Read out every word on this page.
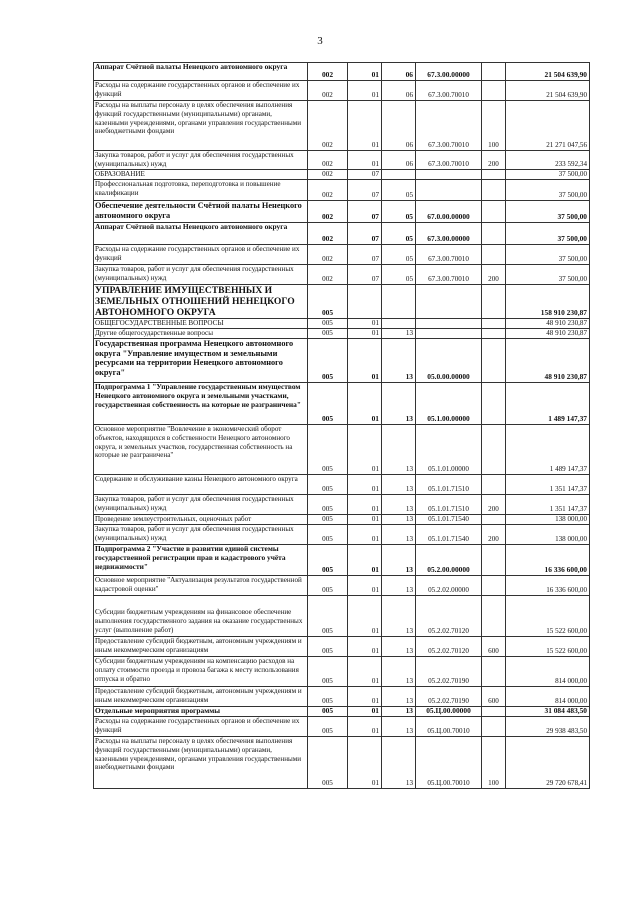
3
Аппарат Счётной палаты Ненецкого автономного округа	002	01	06	67.3.00.00000		21 504 639,90
Расходы на содержание государственных органов и обеспечение их функций	002	01	06	67.3.00.70010		21 504 639,90
Расходы на выплаты персоналу в целях обеспечения выполнения функций государственными (муниципальными) органами, казенными учреждениями, органами управления государственными внебюджетными фондами	002	01	06	67.3.00.70010	100	21 271 047,56
Закупка товаров, работ и услуг для обеспечения государственных (муниципальных) нужд	002	01	06	67.3.00.70010	200	233 592,34
ОБРАЗОВАНИЕ	002	07				37 500,00
Профессиональная подготовка, переподготовка и повышение квалификации	002	07	05			37 500,00
Обеспечение деятельности Счётной палаты Ненецкого автономного округа	002	07	05	67.0.00.00000		37 500,00
Аппарат Счётной палаты Ненецкого автономного округа	002	07	05	67.3.00.00000		37 500,00
Расходы на содержание государственных органов и обеспечение их функций	002	07	05	67.3.00.70010		37 500,00
Закупка товаров, работ и услуг для обеспечения государственных (муниципальных) нужд	002	07	05	67.3.00.70010	200	37 500,00
УПРАВЛЕНИЕ ИМУЩЕСТВЕННЫХ И ЗЕМЕЛЬНЫХ ОТНОШЕНИЙ НЕНЕЦКОГО АВТОНОМНОГО ОКРУГА	005					158 910 230,87
ОБЩЕГОСУДАРСТВЕННЫЕ ВОПРОСЫ	005	01				48 910 230,87
Другие общегосударственные вопросы	005	01	13			48 910 230,87
Государственная программа Ненецкого автономного округа "Управление имуществом и земельными ресурсами на территории Ненецкого автономного округа"	005	01	13	05.0.00.00000		48 910 230,87
Подпрограмма 1 "Управление государственным имуществом Ненецкого автономного округа и земельными участками, государственная собственность на которые не разграничена"	005	01	13	05.1.00.00000		1 489 147,37
Основное мероприятие "Вовлечение в экономический оборот объектов, находящихся в собственности Ненецкого автономного округа, и земельных участков, государственная собственность на которые не разграничена"	005	01	13	05.1.01.00000		1 489 147,37
Содержание и обслуживание казны Ненецкого автономного округа	005	01	13	05.1.01.71510		1 351 147,37
Закупка товаров, работ и услуг для обеспечения государственных (муниципальных) нужд	005	01	13	05.1.01.71510	200	1 351 147,37
Проведение землеустроительных, оценочных работ	005	01	13	05.1.01.71540		138 000,00
Закупка товаров, работ и услуг для обеспечения государственных (муниципальных) нужд	005	01	13	05.1.01.71540	200	138 000,00
Подпрограмма 2 "Участие в развитии единой системы государственной регистрации прав и кадастрового учёта недвижимости"	005	01	13	05.2.00.00000		16 336 600,00
Основное мероприятие "Актуализация результатов государственной кадастровой оценки"	005	01	13	05.2.02.00000		16 336 600,00
Субсидии бюджетным учреждениям на финансовое обеспечение выполнения государственного задания на оказание государственных услуг (выполнение работ)	005	01	13	05.2.02.70120		15 522 600,00
Предоставление субсидий бюджетным, автономным учреждениям и иным некоммерческим организациям	005	01	13	05.2.02.70120	600	15 522 600,00
Субсидии бюджетным учреждениям на компенсацию расходов на оплату стоимости проезда и провоза багажа к месту использования отпуска и обратно	005	01	13	05.2.02.70190		814 000,00
Предоставление субсидий бюджетным, автономным учреждениям и иным некоммерческим организациям	005	01	13	05.2.02.70190	600	814 000,00
Отдельные мероприятия программы	005	01	13	05.Ц.00.00000		31 084 483,50
Расходы на содержание государственных органов и обеспечение их функций	005	01	13	05.Ц.00.70010		29 938 483,50
Расходы на выплаты персоналу в целях обеспечения выполнения функций государственными (муниципальными) органами, казенными учреждениями, органами управления государственными внебюджетными фондами	005	01	13	05.Ц.00.70010	100	29 720 678,41
